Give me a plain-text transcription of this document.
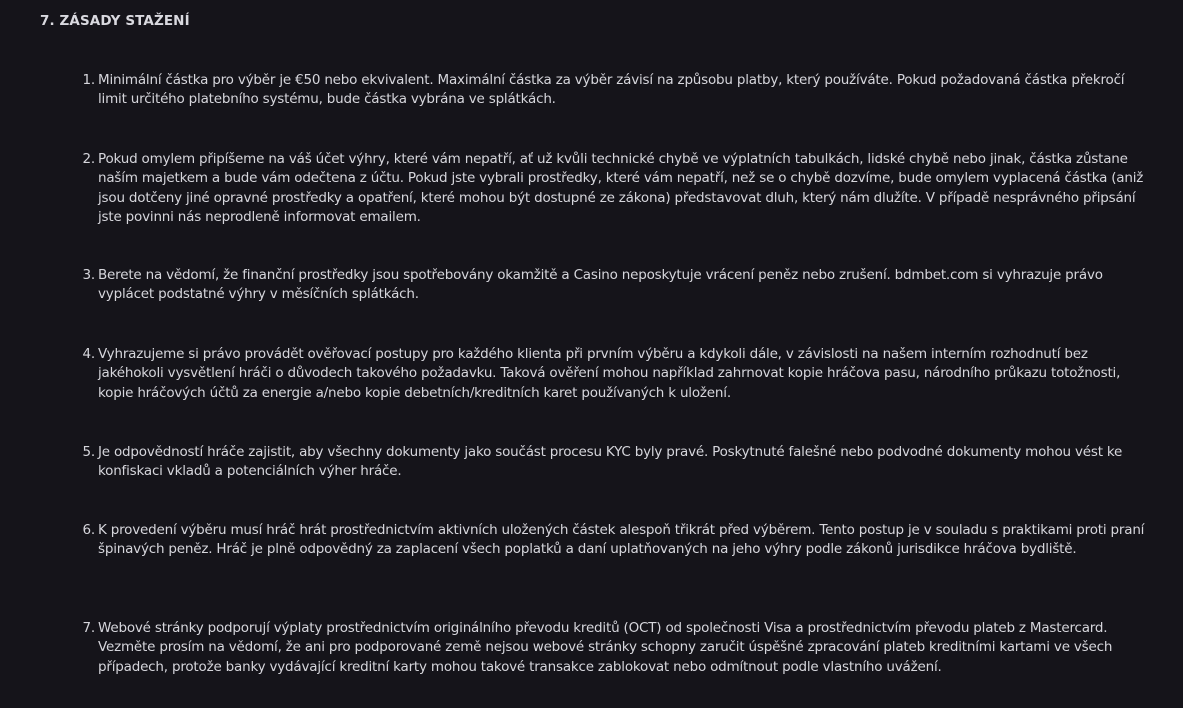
7. ZÁSADY STAŽENÍ
1. Minimální částka pro výběr je €50 nebo ekvivalent. Maximální částka za výběr závisí na způsobu platby, který používáte. Pokud požadovaná částka překročí limit určitého platebního systému, bude částka vybrána ve splátkách.
2. Pokud omylem připíšeme na váš účet výhry, které vám nepatří, ať už kvůli technické chybě ve výplatních tabulkách, lidské chybě nebo jinak, částka zůstane naším majetkem a bude vám odečtena z účtu. Pokud jste vybrali prostředky, které vám nepatří, než se o chybě dozvíme, bude omylem vyplacená částka (aniž jsou dotčeny jiné opravné prostředky a opatření, které mohou být dostupné ze zákona) představovat dluh, který nám dlužíte. V případě nesprávného připsání jste povinni nás neprodleně informovat emailem.
3. Berete na vědomí, že finanční prostředky jsou spotřebovány okamžitě a Casino neposkytuje vrácení peněz nebo zrušení. bdmbet.com si vyhrazuje právo vyplácet podstatné výhry v měsíčních splátkách.
4. Vyhrazujeme si právo provádět ověřovací postupy pro každého klienta při prvním výběru a kdykoli dále, v závislosti na našem interním rozhodnutí bez jakéhokoli vysvětlení hráči o důvodech takového požadavku. Taková ověření mohou například zahrnovat kopie hráčova pasu, národního průkazu totožnosti, kopie hráčových účtů za energie a/nebo kopie debetních/kreditních karet používaných k uložení.
5. Je odpovědností hráče zajistit, aby všechny dokumenty jako součást procesu KYC byly pravé. Poskytnuté falešné nebo podvodné dokumenty mohou vést ke konfiskaci vkladů a potenciálních výher hráče.
6. K provedení výběru musí hráč hrát prostřednictvím aktivních uložených částek alespoň třikrát před výběrem. Tento postup je v souladu s praktikami proti praní špinavých peněz. Hráč je plně odpovědný za zaplacení všech poplatků a daní uplatňovaných na jeho výhry podle zákonů jurisdikce hráčova bydliště.
7. Webové stránky podporují výplaty prostřednictvím originálního převodu kreditů (OCT) od společnosti Visa a prostřednictvím převodu plateb z Mastercard. Vezměte prosím na vědomí, že ani pro podporované země nejsou webové stránky schopny zaručit úspěšné zpracování plateb kreditními kartami ve všech případech, protože banky vydávající kreditní karty mohou takové transakce zablokovat nebo odmítnout podle vlastního uvážení.
